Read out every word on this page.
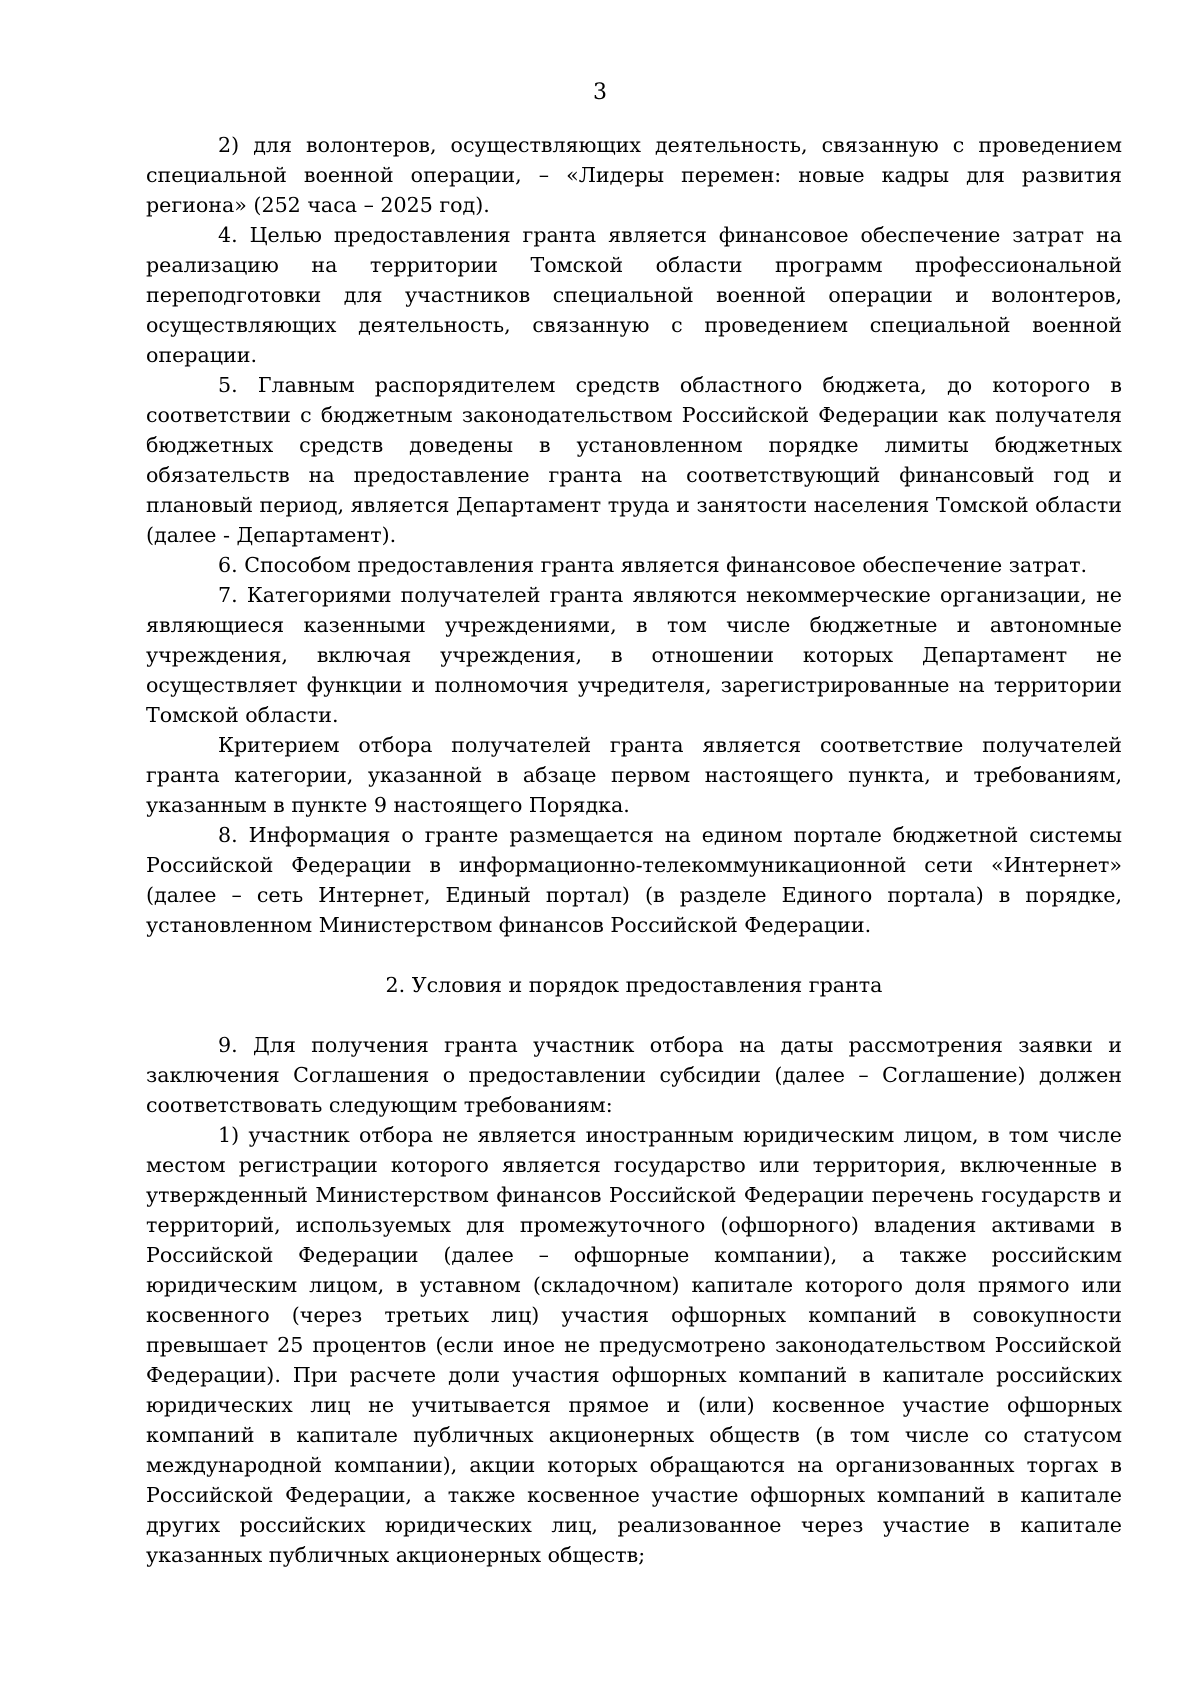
3

2) для волонтеров, осуществляющих деятельность, связанную с проведением специальной военной операции, – «Лидеры перемен: новые кадры для развития региона» (252 часа – 2025 год).

4. Целью предоставления гранта является финансовое обеспечение затрат на реализацию на территории Томской области программ профессиональной переподготовки для участников специальной военной операции и волонтеров, осуществляющих деятельность, связанную с проведением специальной военной операции.

5. Главным распорядителем средств областного бюджета, до которого в соответствии с бюджетным законодательством Российской Федерации как получателя бюджетных средств доведены в установленном порядке лимиты бюджетных обязательств на предоставление гранта на соответствующий финансовый год и плановый период, является Департамент труда и занятости населения Томской области (далее - Департамент).

6. Способом предоставления гранта является финансовое обеспечение затрат.

7. Категориями получателей гранта являются некоммерческие организации, не являющиеся казенными учреждениями, в том числе бюджетные и автономные учреждения, включая учреждения, в отношении которых Департамент не осуществляет функции и полномочия учредителя, зарегистрированные на территории Томской области.

Критерием отбора получателей гранта является соответствие получателей гранта категории, указанной в абзаце первом настоящего пункта, и требованиям, указанным в пункте 9 настоящего Порядка.

8. Информация о гранте размещается на едином портале бюджетной системы Российской Федерации в информационно-телекоммуникационной сети «Интернет» (далее – сеть Интернет, Единый портал) (в разделе Единого портала) в порядке, установленном Министерством финансов Российской Федерации.

2. Условия и порядок предоставления гранта

9. Для получения гранта участник отбора на даты рассмотрения заявки и заключения Соглашения о предоставлении субсидии (далее – Соглашение) должен соответствовать следующим требованиям:

1) участник отбора не является иностранным юридическим лицом, в том числе местом регистрации которого является государство или территория, включенные в утвержденный Министерством финансов Российской Федерации перечень государств и территорий, используемых для промежуточного (офшорного) владения активами в Российской Федерации (далее – офшорные компании), а также российским юридическим лицом, в уставном (складочном) капитале которого доля прямого или косвенного (через третьих лиц) участия офшорных компаний в совокупности превышает 25 процентов (если иное не предусмотрено законодательством Российской Федерации). При расчете доли участия офшорных компаний в капитале российских юридических лиц не учитывается прямое и (или) косвенное участие офшорных компаний в капитале публичных акционерных обществ (в том числе со статусом международной компании), акции которых обращаются на организованных торгах в Российской Федерации, а также косвенное участие офшорных компаний в капитале других российских юридических лиц, реализованное через участие в капитале указанных публичных акционерных обществ;
